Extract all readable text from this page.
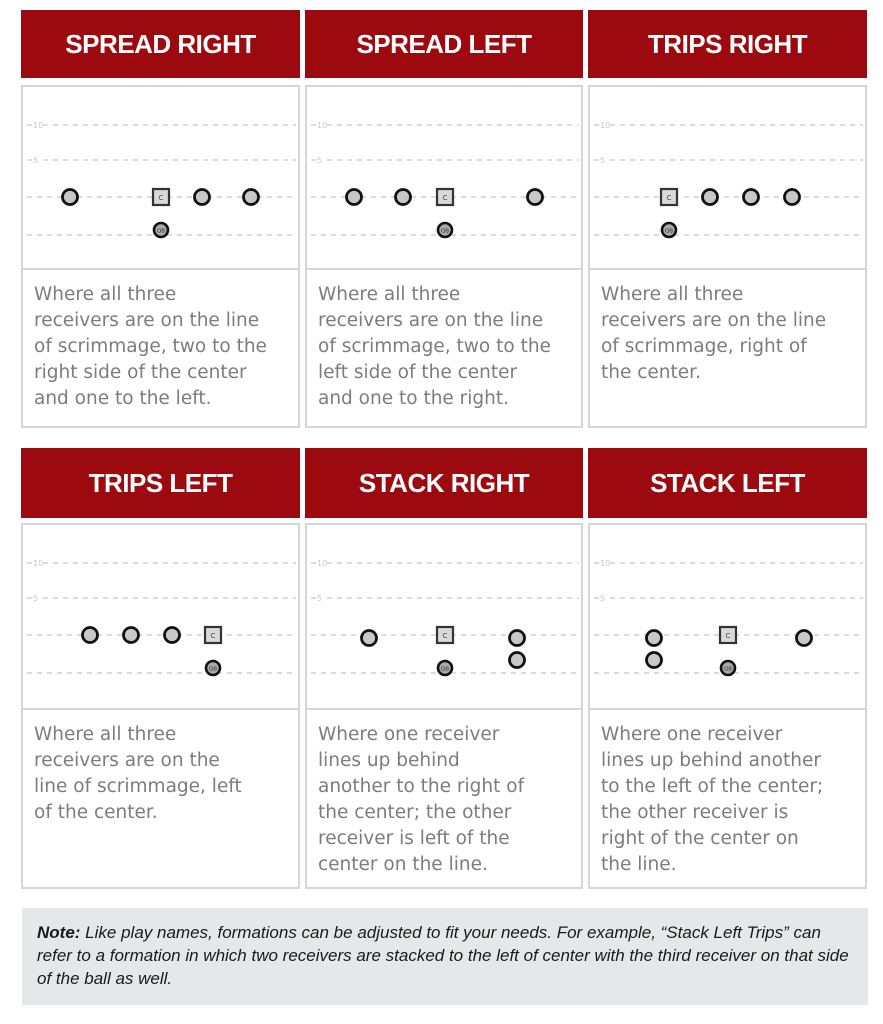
SPREAD RIGHT
10
5
C
QB
Where all three
receivers are on the line
of scrimmage, two to the
right side of the center
and one to the left.
SPREAD LEFT
10
5
C
QB
Where all three
receivers are on the line
of scrimmage, two to the
left side of the center
and one to the right.
TRIPS RIGHT
10
5
C
QB
Where all three
receivers are on the line
of scrimmage, right of
the center.
TRIPS LEFT
10
5
C
QB
Where all three
receivers are on the
line of scrimmage, left
of the center.
STACK RIGHT
10
5
C
QB
Where one receiver
lines up behind
another to the right of
the center; the other
receiver is left of the
center on the line.
STACK LEFT
10
5
C
QB
Where one receiver
lines up behind another
to the left of the center;
the other receiver is
right of the center on
the line.
Note: Like play names, formations can be adjusted to fit your needs. For example, “Stack Left Trips” can refer to a formation in which two receivers are stacked to the left of center with the third receiver on that side of the ball as well.
